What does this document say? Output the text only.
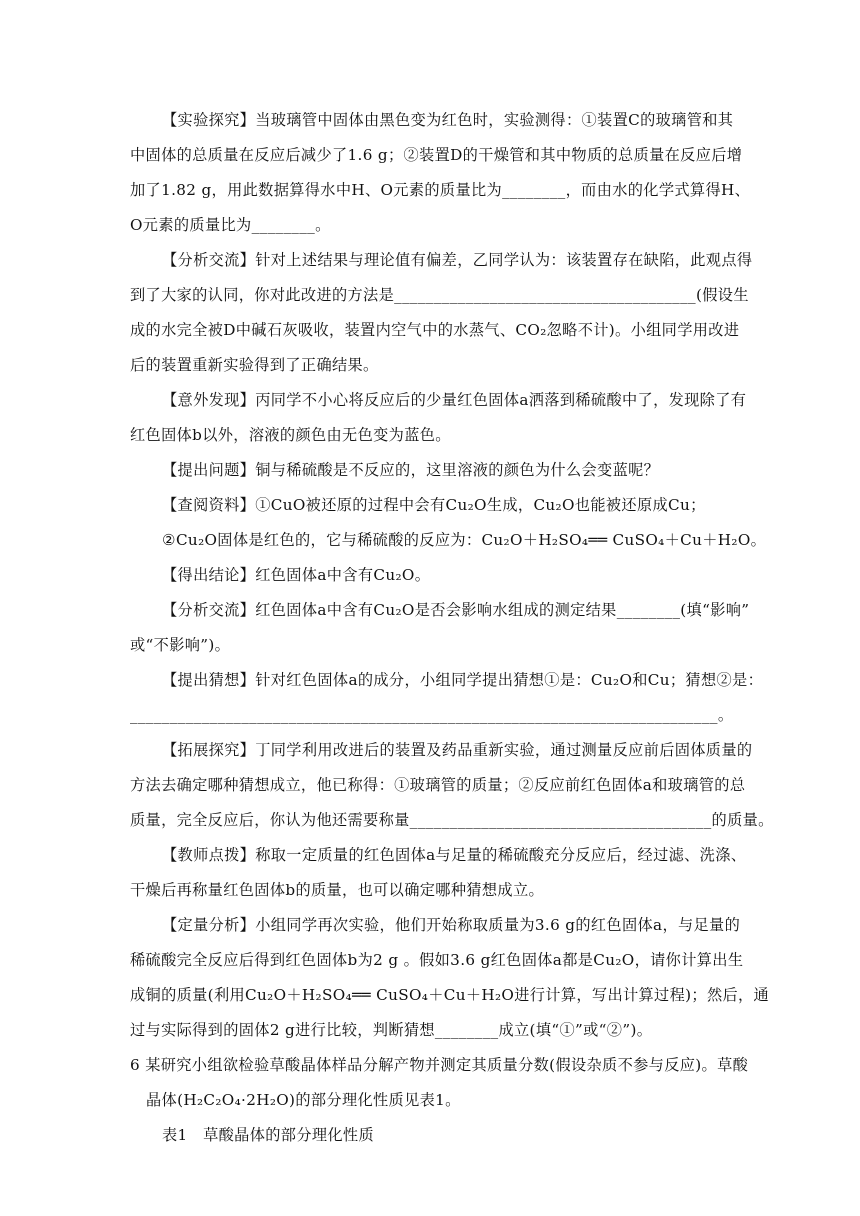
【实验探究】当玻璃管中固体由黑色变为红色时，实验测得：①装置C的玻璃管和其
中固体的总质量在反应后减少了1.6 g；②装置D的干燥管和其中物质的总质量在反应后增
加了1.82 g，用此数据算得水中H、O元素的质量比为________，而由水的化学式算得H、
O元素的质量比为________。
【分析交流】针对上述结果与理论值有偏差，乙同学认为：该装置存在缺陷，此观点得
到了大家的认同，你对此改进的方法是______________________________________(假设生
成的水完全被D中碱石灰吸收，装置内空气中的水蒸气、CO₂忽略不计)。小组同学用改进
后的装置重新实验得到了正确结果。
【意外发现】丙同学不小心将反应后的少量红色固体a洒落到稀硫酸中了，发现除了有
红色固体b以外，溶液的颜色由无色变为蓝色。
【提出问题】铜与稀硫酸是不反应的，这里溶液的颜色为什么会变蓝呢？
【查阅资料】①CuO被还原的过程中会有Cu₂O生成，Cu₂O也能被还原成Cu；
②Cu₂O固体是红色的，它与稀硫酸的反应为：Cu₂O＋H₂SO₄══ CuSO₄＋Cu＋H₂O。
【得出结论】红色固体a中含有Cu₂O。
【分析交流】红色固体a中含有Cu₂O是否会影响水组成的测定结果________(填“影响”
或“不影响”)。
【提出猜想】针对红色固体a的成分，小组同学提出猜想①是：Cu₂O和Cu；猜想②是：
__________________________________________________________________________。
【拓展探究】丁同学利用改进后的装置及药品重新实验，通过测量反应前后固体质量的
方法去确定哪种猜想成立，他已称得：①玻璃管的质量；②反应前红色固体a和玻璃管的总
质量，完全反应后，你认为他还需要称量______________________________________的质量。
【教师点拨】称取一定质量的红色固体a与足量的稀硫酸充分反应后，经过滤、洗涤、
干燥后再称量红色固体b的质量，也可以确定哪种猜想成立。
【定量分析】小组同学再次实验，他们开始称取质量为3.6 g的红色固体a，与足量的
稀硫酸完全反应后得到红色固体b为2 g 。假如3.6 g红色固体a都是Cu₂O，请你计算出生
成铜的质量(利用Cu₂O＋H₂SO₄══ CuSO₄＋Cu＋H₂O进行计算，写出计算过程)；然后，通
过与实际得到的固体2 g进行比较，判断猜想________成立(填“①”或“②”)。
6 某研究小组欲检验草酸晶体样品分解产物并测定其质量分数(假设杂质不参与反应)。草酸
晶体(H₂C₂O₄·2H₂O)的部分理化性质见表1。
表1　草酸晶体的部分理化性质
